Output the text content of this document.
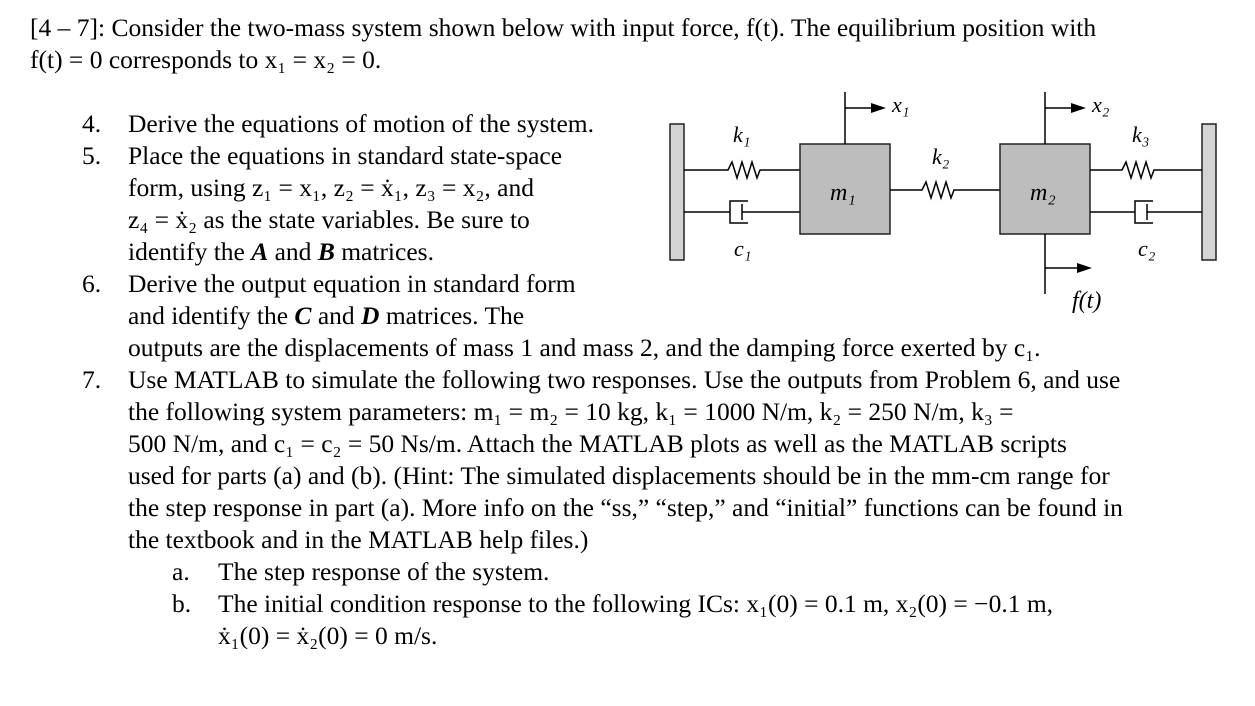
[4 – 7]: Consider the two-mass system shown below with input force, f(t). The equilibrium position with
f(t) = 0 corresponds to x₁ = x₂ = 0.
4. Derive the equations of motion of the system.
5. Place the equations in standard state-space
form, using z₁ = x₁, z₂ = ẋ₁, z₃ = x₂, and
z₄ = ẋ₂ as the state variables. Be sure to
identify the A and B matrices.
6. Derive the output equation in standard form
and identify the C and D matrices. The
outputs are the displacements of mass 1 and mass 2, and the damping force exerted by c₁.
7. Use MATLAB to simulate the following two responses. Use the outputs from Problem 6, and use
the following system parameters: m₁ = m₂ = 10 kg, k₁ = 1000 N/m, k₂ = 250 N/m, k₃ =
500 N/m, and c₁ = c₂ = 50 Ns/m. Attach the MATLAB plots as well as the MATLAB scripts
used for parts (a) and (b). (Hint: The simulated displacements should be in the mm-cm range for
the step response in part (a). More info on the “ss,” “step,” and “initial” functions can be found in
the textbook and in the MATLAB help files.)
a. The step response of the system.
b. The initial condition response to the following ICs: x₁(0) = 0.1 m, x₂(0) = −0.1 m,
ẋ₁(0) = ẋ₂(0) = 0 m/s.
x₁	x₂
k₁
k₂
k₃
c₁	c₂
m₁	m₂
f(t)
